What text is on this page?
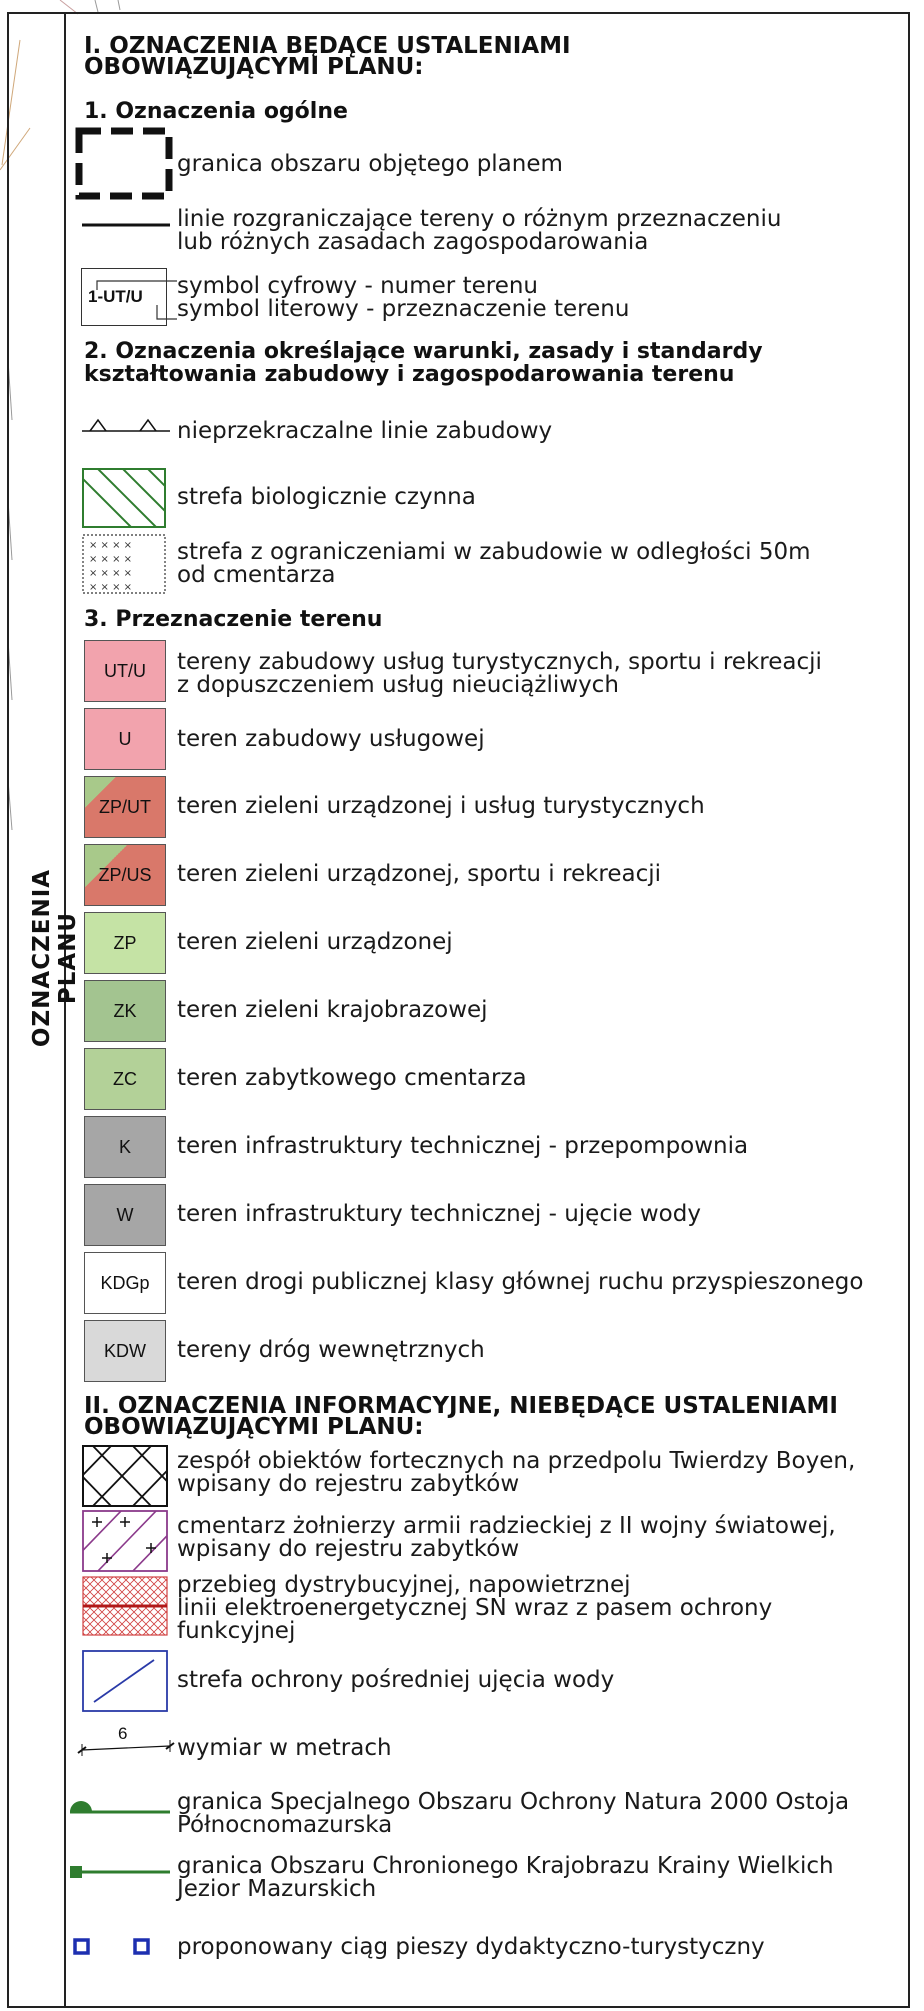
OZNACZENIA PLANU
I. OZNACZENIA BĘDĄCE USTALENIAMI
OBOWIĄZUJĄCYMI PLANU:
1. Oznaczenia ogólne
granica obszaru objętego planem
linie rozgraniczające tereny o różnym przeznaczeniu
lub różnych zasadach zagospodarowania
1-UT/U symbol cyfrowy - numer terenu
symbol literowy - przeznaczenie terenu
2. Oznaczenia określające warunki, zasady i standardy
kształtowania zabudowy i zagospodarowania terenu
nieprzekraczalne linie zabudowy
strefa biologicznie czynna
× × × ×
× × × ×
× × × ×
× × × ×
strefa z ograniczeniami w zabudowie w odległości 50m
od cmentarza
3. Przeznaczenie terenu
UT/U	tereny zabudowy usług turystycznych, sportu i rekreacji
z dopuszczeniem usług nieuciążliwych
U	teren zabudowy usługowej
ZP/UT	teren zieleni urządzonej i usług turystycznych
ZP/US	teren zieleni urządzonej, sportu i rekreacji
ZP	teren zieleni urządzonej
ZK	teren zieleni krajobrazowej
ZC	teren zabytkowego cmentarza
K	teren infrastruktury technicznej - przepompownia
W	teren infrastruktury technicznej - ujęcie wody
KDGp	teren drogi publicznej klasy głównej ruchu przyspieszonego
KDW	tereny dróg wewnętrznych
II. OZNACZENIA INFORMACYJNE, NIEBĘDĄCE USTALENIAMI
OBOWIĄZUJĄCYMI PLANU:
zespół obiektów fortecznych na przedpolu Twierdzy Boyen,
wpisany do rejestru zabytków
cmentarz żołnierzy armii radzieckiej z II wojny światowej,
wpisany do rejestru zabytków
przebieg dystrybucyjnej, napowietrznej
linii elektroenergetycznej SN wraz z pasem ochrony
funkcyjnej
strefa ochrony pośredniej ujęcia wody
6
wymiar w metrach
granica Specjalnego Obszaru Ochrony Natura 2000 Ostoja
Północnomazurska
granica Obszaru Chronionego Krajobrazu Krainy Wielkich
Jezior Mazurskich
proponowany ciąg pieszy dydaktyczno-turystyczny
